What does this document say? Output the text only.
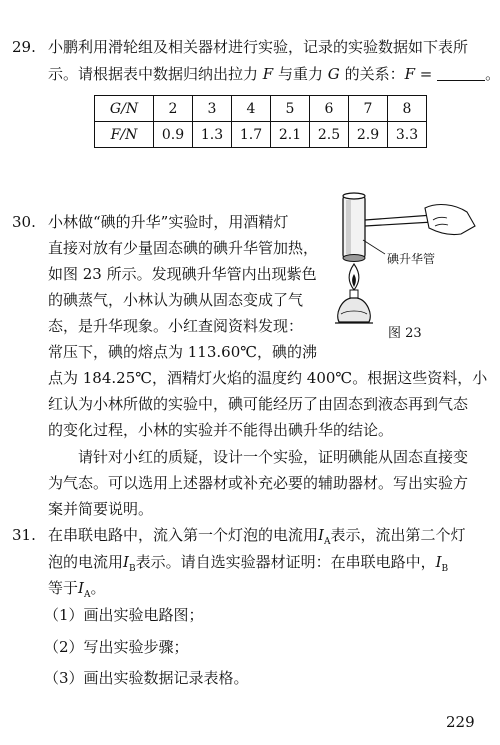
29. 小鹏利用滑轮组及相关器材进行实验，记录的实验数据如下表所
示。请根据表中数据归纳出拉力 F 与重力 G 的关系：F =	。
G/N	2	3	4	5	6	7	8
F/N	0.9	1.3	1.7	2.1	2.5	2.9	3.3
30. 小林做“碘的升华”实验时，用酒精灯
直接对放有少量固态碘的碘升华管加热，
如图 23 所示。发现碘升华管内出现紫色
的碘蒸气，小林认为碘从固态变成了气
态，是升华现象。小红查阅资料发现：
常压下，碘的熔点为 113.60℃，碘的沸
点为 184.25℃，酒精灯火焰的温度约 400℃。根据这些资料，小
红认为小林所做的实验中，碘可能经历了由固态到液态再到气态
的变化过程，小林的实验并不能得出碘升华的结论。
请针对小红的质疑，设计一个实验，证明碘能从固态直接变
为气态。可以选用上述器材或补充必要的辅助器材。写出实验方
案并简要说明。
碘升华管
图 23
31. 在串联电路中，流入第一个灯泡的电流用$I_A$表示，流出第二个灯
泡的电流用$I_B$表示。请自选实验器材证明：在串联电路中，$I_B$
等于$I_A$。
（1）画出实验电路图；
（2）写出实验步骤；
（3）画出实验数据记录表格。
229
